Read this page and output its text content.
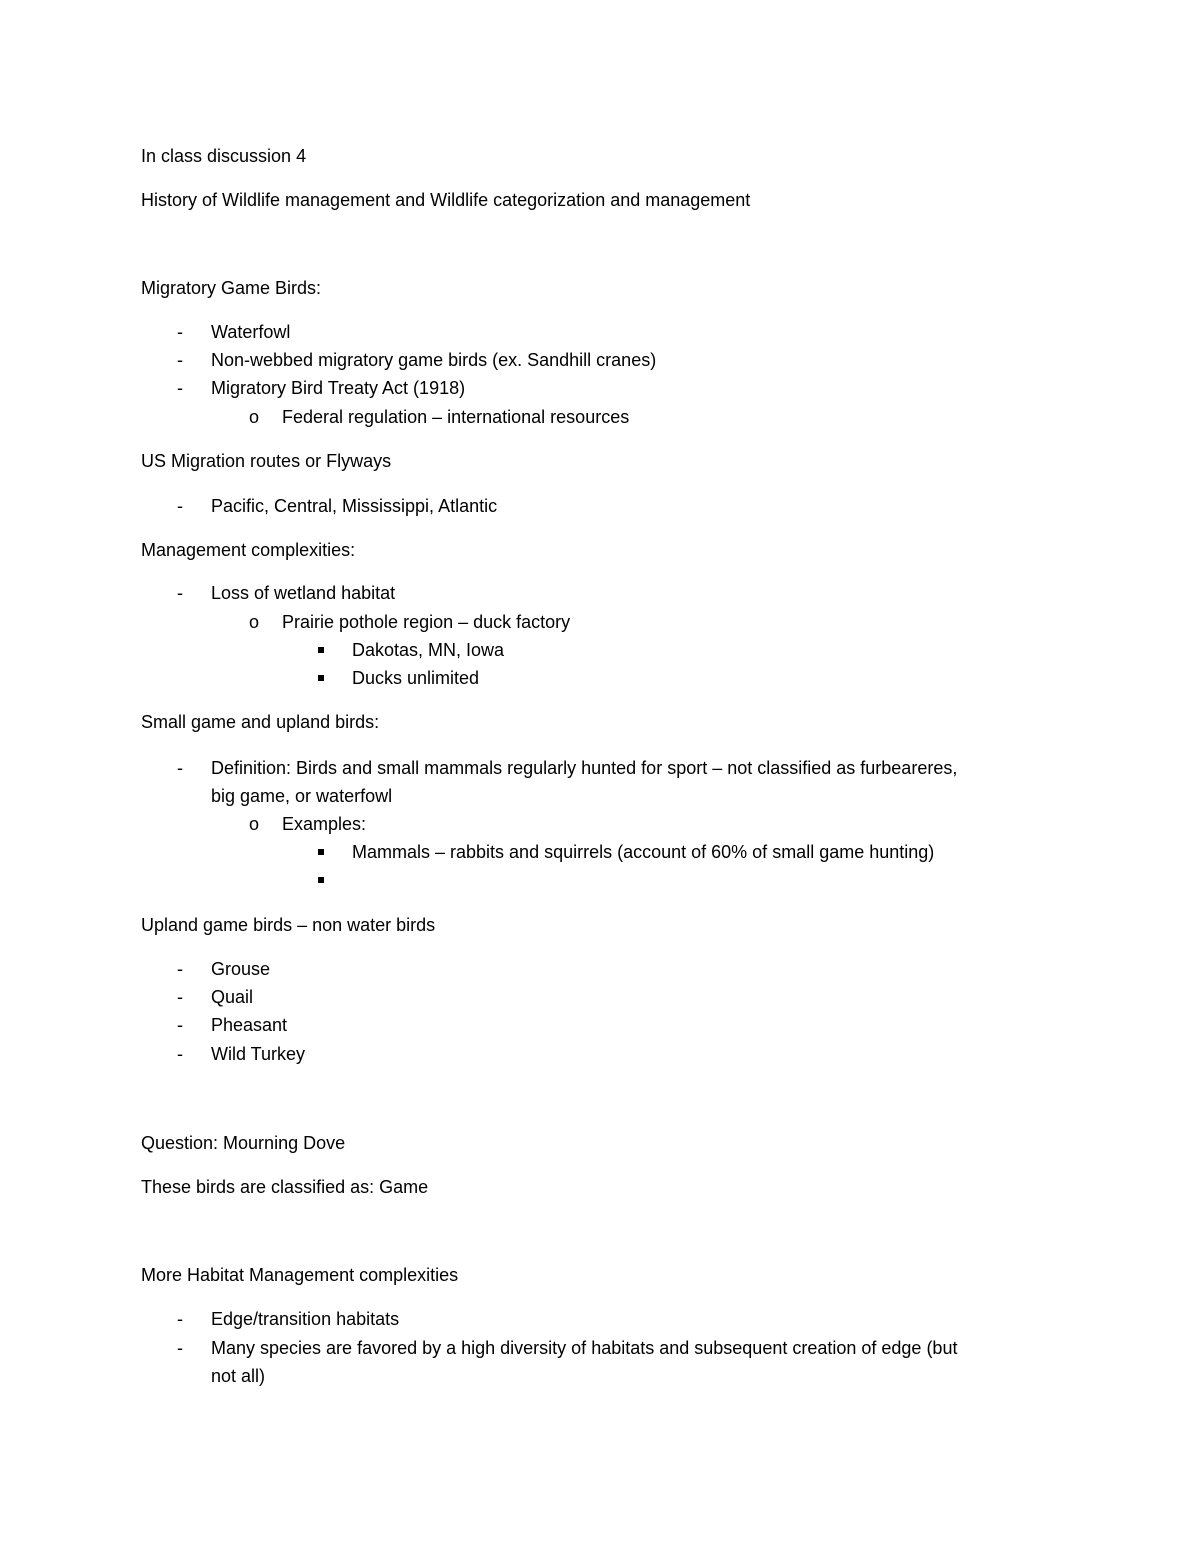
In class discussion 4
History of Wildlife management and Wildlife categorization and management
Migratory Game Birds:
- Waterfowl
- Non-webbed migratory game birds (ex. Sandhill cranes)
- Migratory Bird Treaty Act (1918)
o Federal regulation – international resources
US Migration routes or Flyways
- Pacific, Central, Mississippi, Atlantic
Management complexities:
- Loss of wetland habitat
o Prairie pothole region – duck factory
Dakotas, MN, Iowa
Ducks unlimited
Small game and upland birds:
- Definition: Birds and small mammals regularly hunted for sport – not classified as furbeareres,
big game, or waterfowl
o Examples:
Mammals – rabbits and squirrels (account of 60% of small game hunting)
Upland game birds – non water birds
- Grouse
- Quail
- Pheasant
- Wild Turkey
Question: Mourning Dove
These birds are classified as: Game
More Habitat Management complexities
- Edge/transition habitats
- Many species are favored by a high diversity of habitats and subsequent creation of edge (but
not all)
